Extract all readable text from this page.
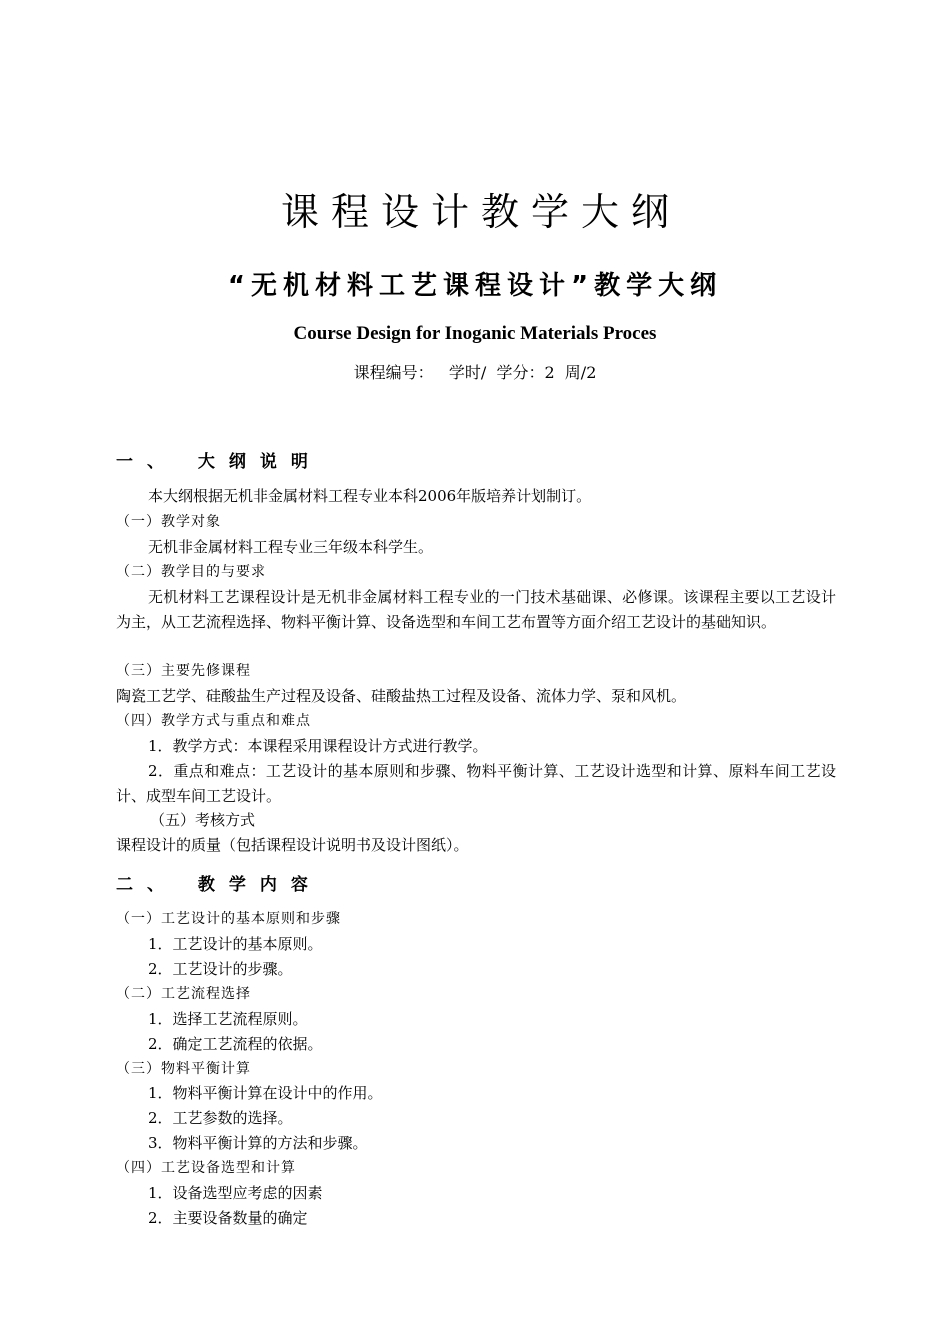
课程设计教学大纲
“无机材料工艺课程设计”教学大纲
Course Design for Inoganic Materials Proces
课程编号：   学时/  学分：2  周/2
一、 大纲说明
本大纲根据无机非金属材料工程专业本科2006年版培养计划制订。
（一）教学对象
无机非金属材料工程专业三年级本科学生。
（二）教学目的与要求
无机材料工艺课程设计是无机非金属材料工程专业的一门技术基础课、必修课。该课程主要以工艺设计为主，从工艺流程选择、物料平衡计算、设备选型和车间工艺布置等方面介绍工艺设计的基础知识。
（三）主要先修课程
陶瓷工艺学、硅酸盐生产过程及设备、硅酸盐热工过程及设备、流体力学、泵和风机。
（四）教学方式与重点和难点
1．教学方式：本课程采用课程设计方式进行教学。
2．重点和难点：工艺设计的基本原则和步骤、物料平衡计算、工艺设计选型和计算、原料车间工艺设计、成型车间工艺设计。
（五）考核方式
课程设计的质量（包括课程设计说明书及设计图纸）。
二、 教学内容
（一）工艺设计的基本原则和步骤
1．工艺设计的基本原则。
2．工艺设计的步骤。
（二）工艺流程选择
1．选择工艺流程原则。
2．确定工艺流程的依据。
（三）物料平衡计算
1．物料平衡计算在设计中的作用。
2．工艺参数的选择。
3．物料平衡计算的方法和步骤。
（四）工艺设备选型和计算
1．设备选型应考虑的因素
2．主要设备数量的确定
